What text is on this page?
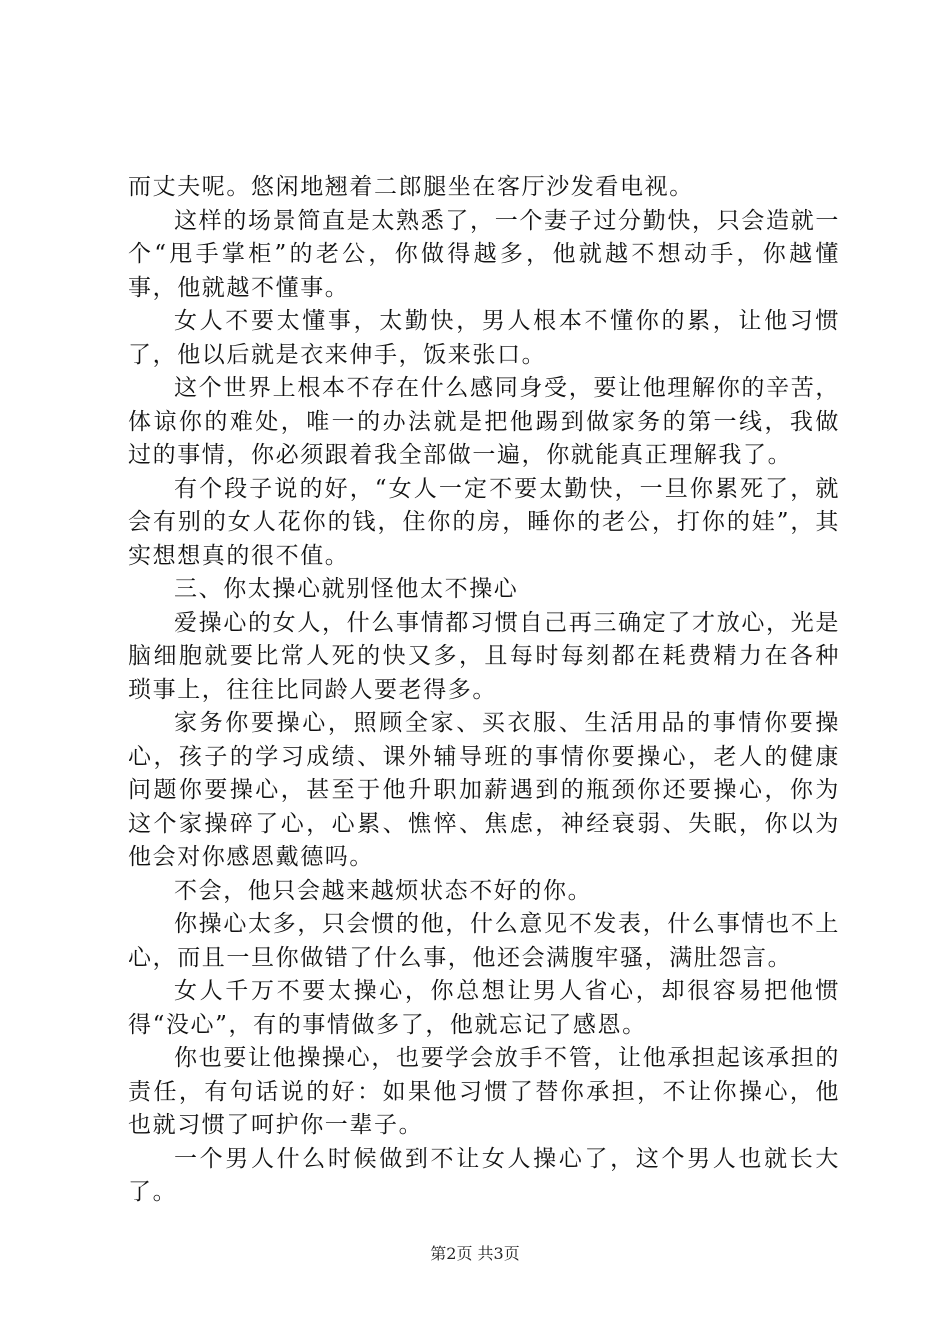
而丈夫呢。悠闲地翘着二郎腿坐在客厅沙发看电视。

这样的场景简直是太熟悉了，一个妻子过分勤快，只会造就一个“甩手掌柜”的老公，你做得越多，他就越不想动手，你越懂事，他就越不懂事。

女人不要太懂事，太勤快，男人根本不懂你的累，让他习惯了，他以后就是衣来伸手，饭来张口。

这个世界上根本不存在什么感同身受，要让他理解你的辛苦，体谅你的难处，唯一的办法就是把他踢到做家务的第一线，我做过的事情，你必须跟着我全部做一遍，你就能真正理解我了。

有个段子说的好，“女人一定不要太勤快，一旦你累死了，就会有别的女人花你的钱，住你的房，睡你的老公，打你的娃”，其实想想真的很不值。

三、你太操心就别怪他太不操心

爱操心的女人，什么事情都习惯自己再三确定了才放心，光是脑细胞就要比常人死的快又多，且每时每刻都在耗费精力在各种琐事上，往往比同龄人要老得多。

家务你要操心，照顾全家、买衣服、生活用品的事情你要操心，孩子的学习成绩、课外辅导班的事情你要操心，老人的健康问题你要操心，甚至于他升职加薪遇到的瓶颈你还要操心，你为这个家操碎了心，心累、憔悴、焦虑，神经衰弱、失眠，你以为他会对你感恩戴德吗。

不会，他只会越来越烦状态不好的你。

你操心太多，只会惯的他，什么意见不发表，什么事情也不上心，而且一旦你做错了什么事，他还会满腹牢骚，满肚怨言。

女人千万不要太操心，你总想让男人省心，却很容易把他惯得“没心”，有的事情做多了，他就忘记了感恩。

你也要让他操操心，也要学会放手不管，让他承担起该承担的责任，有句话说的好：如果他习惯了替你承担，不让你操心，他也就习惯了呵护你一辈子。

一个男人什么时候做到不让女人操心了，这个男人也就长大了。

第2页 共3页
